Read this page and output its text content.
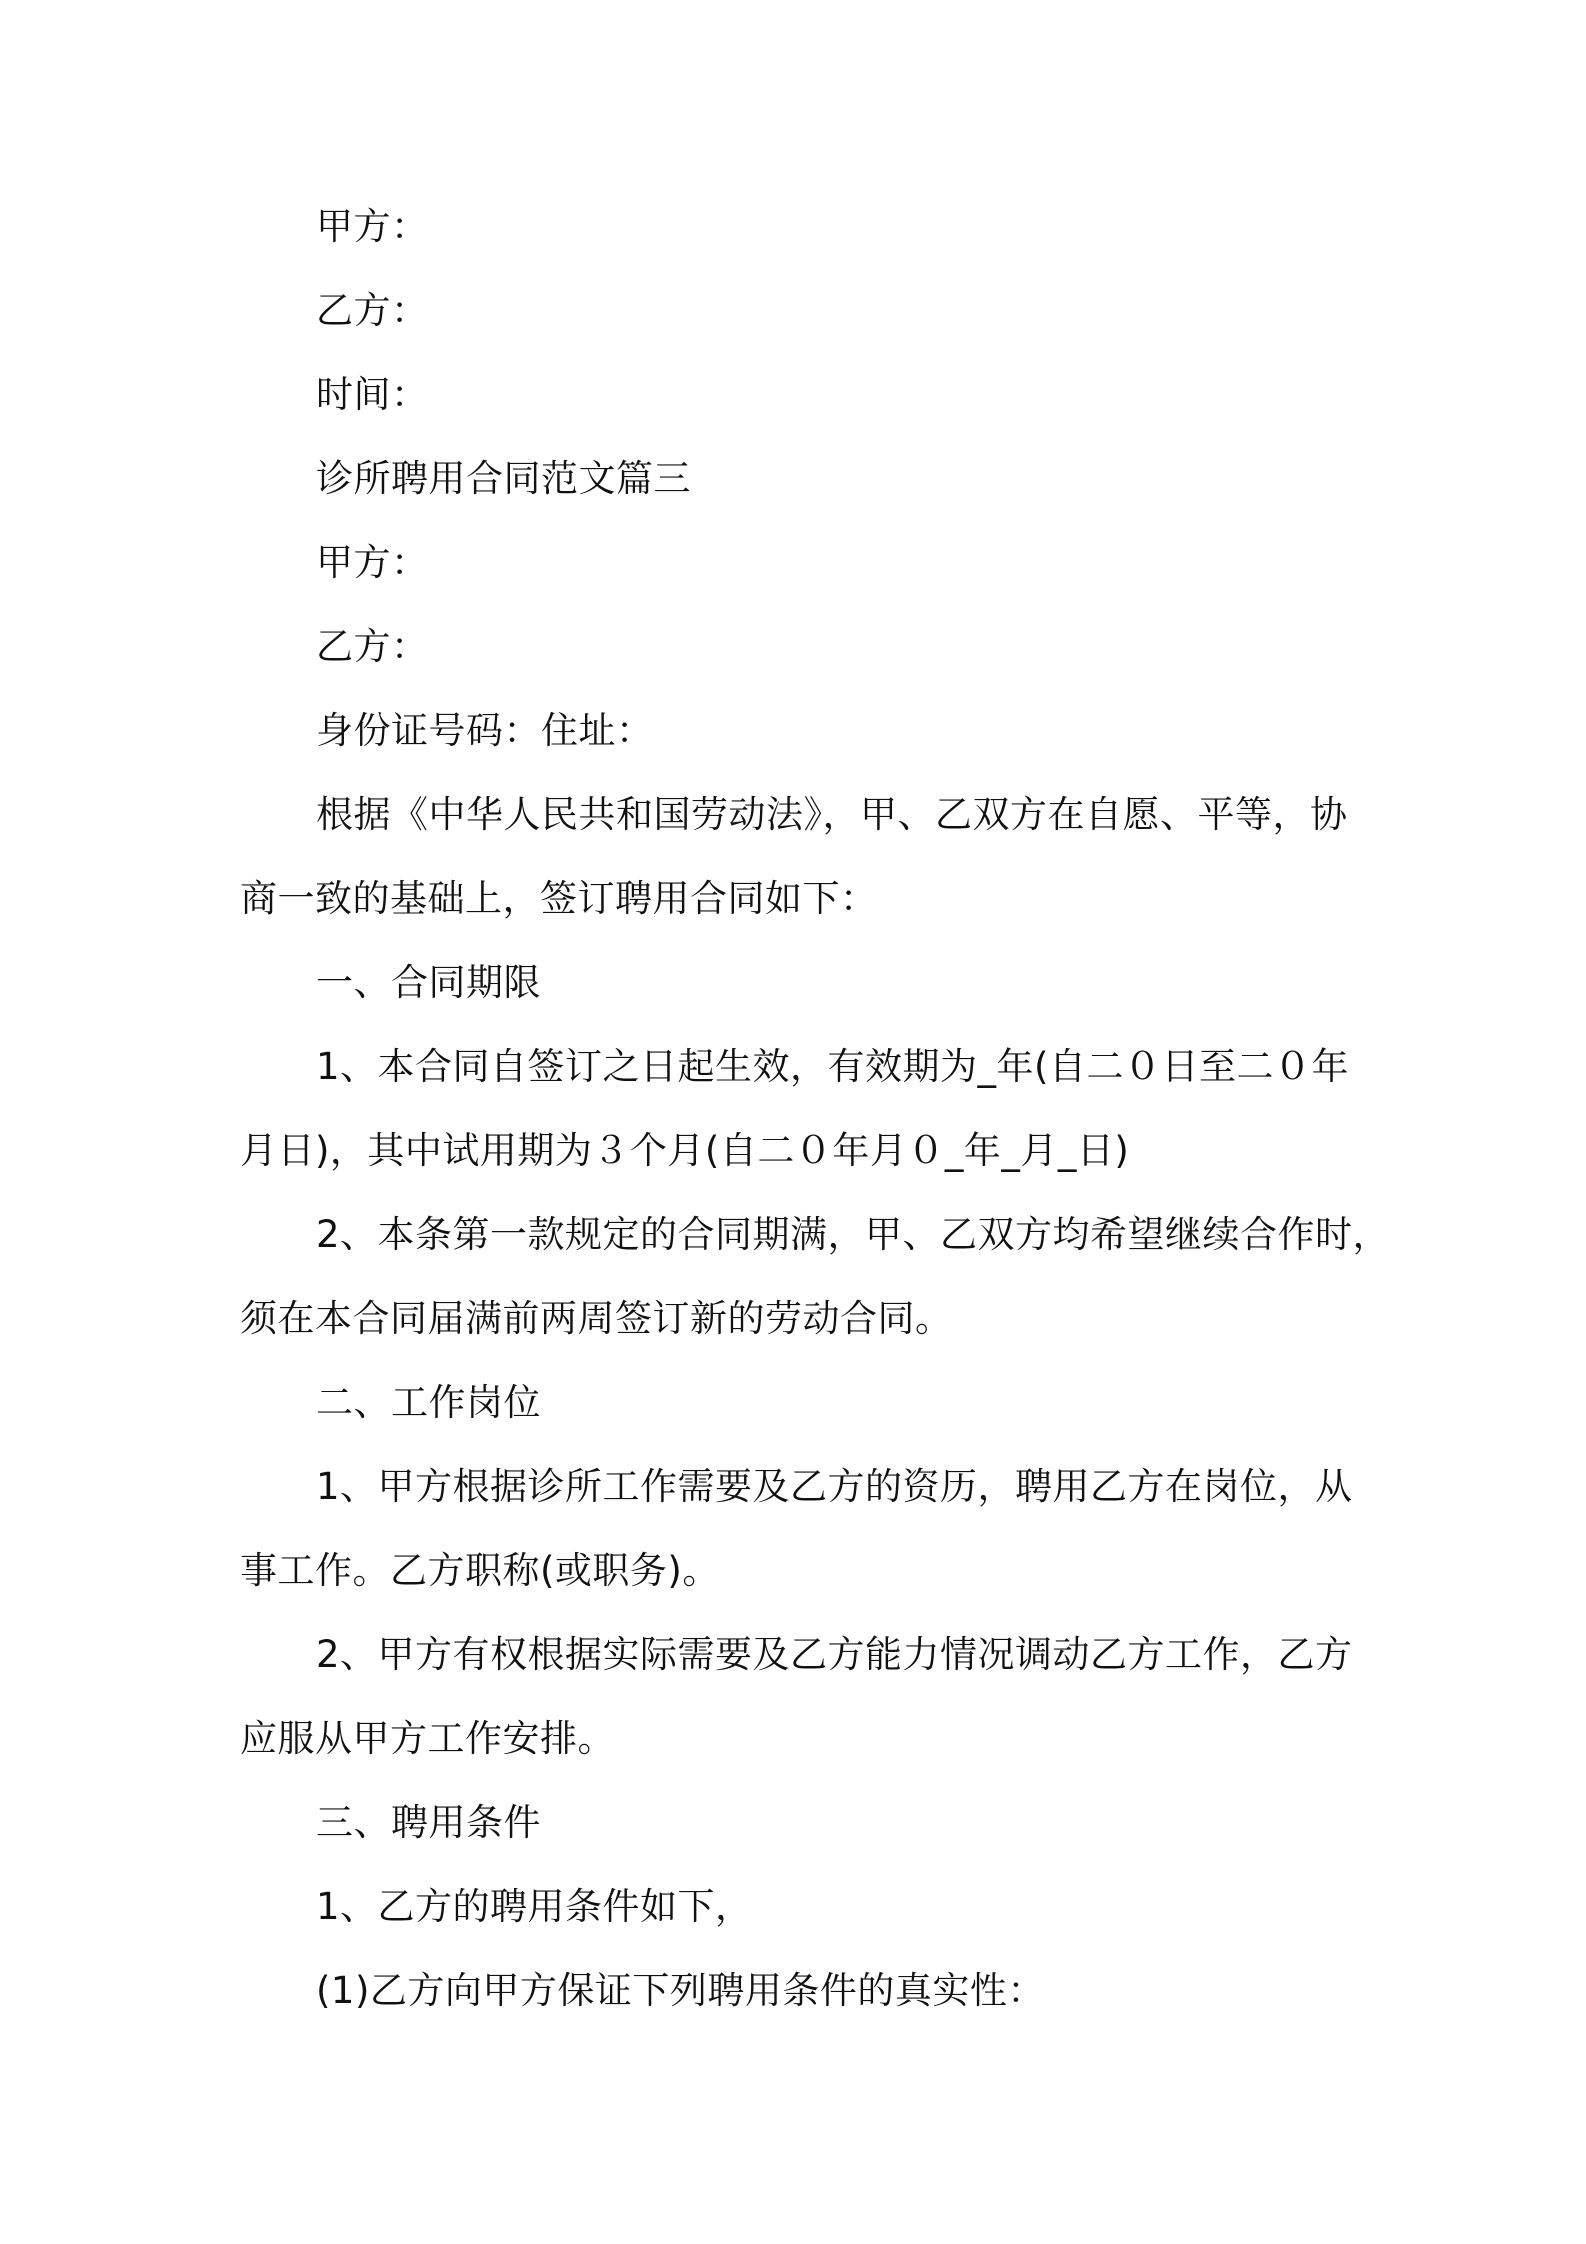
甲方：
乙方：
时间：
诊所聘用合同范文篇三
甲方：
乙方：
身份证号码：住址：
根据《中华人民共和国劳动法》，甲、乙双方在自愿、平等，协
商一致的基础上，签订聘用合同如下：
一、合同期限
1、本合同自签订之日起生效，有效期为_年(自二０日至二０年
月日)，其中试用期为３个月(自二０年月０_年_月_日)
2、本条第一款规定的合同期满，甲、乙双方均希望继续合作时，
须在本合同届满前两周签订新的劳动合同。
二、工作岗位
1、甲方根据诊所工作需要及乙方的资历，聘用乙方在岗位，从
事工作。乙方职称(或职务)。
2、甲方有权根据实际需要及乙方能力情况调动乙方工作，乙方
应服从甲方工作安排。
三、聘用条件
1、乙方的聘用条件如下，
(1)乙方向甲方保证下列聘用条件的真实性：
